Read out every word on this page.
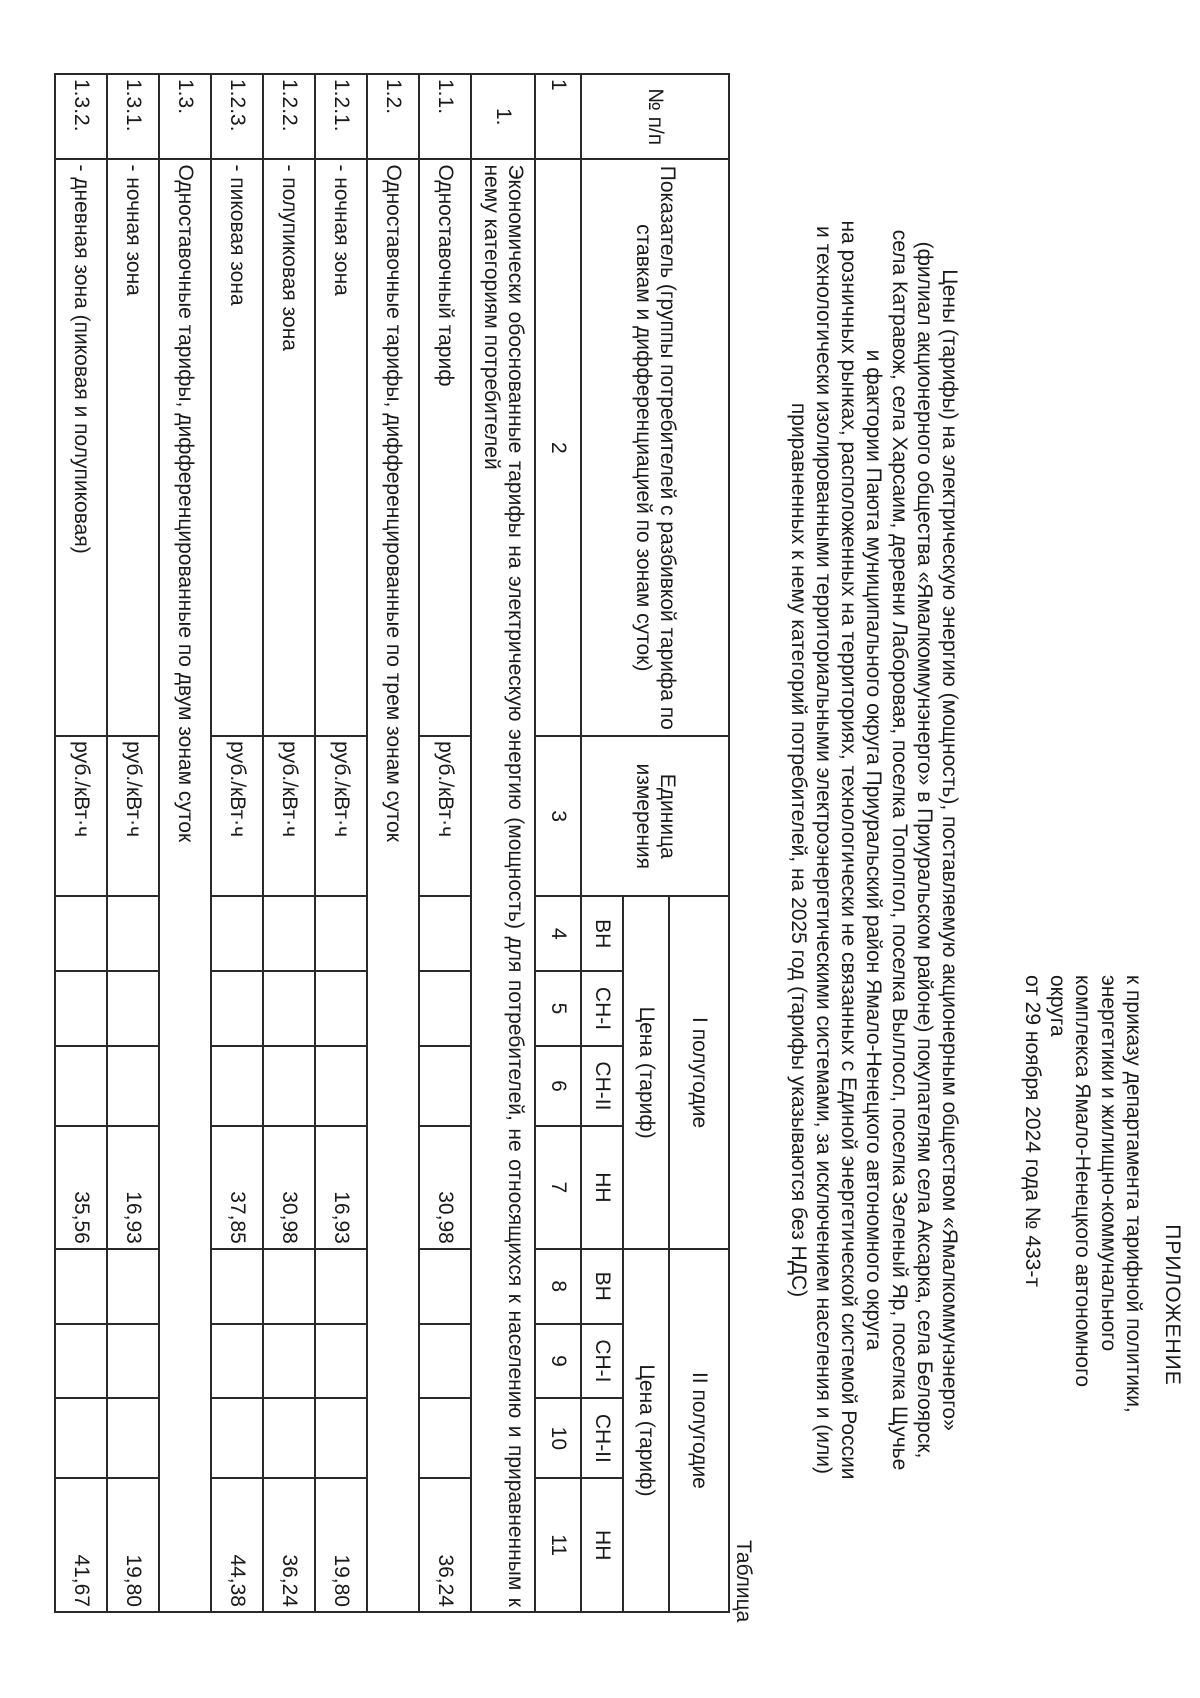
ПРИЛОЖЕНИЕ
к приказу департамента тарифной политики,
энергетики и жилищно-коммунального
комплекса Ямало-Ненецкого автономного
округа
от 29 ноября 2024 года № 433-т
Цены (тарифы) на электрическую энергию (мощность), поставляемую акционерным обществом «Ямалкоммунэнерго»
(филиал акционерного общества «Ямалкоммунэнерго» в Приуральском районе) покупателям села Аксарка, села Белоярск,
села Катравож, села Харсаим, деревни Лаборовая, поселка Тополгол, поселка Выллосл, поселка Зеленый Яр, поселка Щучье
и фактории Паюта муниципального округа Приуральский район Ямало-Ненецкого автономного округа
на розничных рынках, расположенных на территориях, технологически не связанных с Единой энергетической системой России
и технологически изолированными территориальными электроэнергетическими системами, за исключением населения и (или)
приравненных к нему категорий потребителей, на 2025 год (тарифы указываются без НДС)
Таблица
№ п/п	Показатель (группы потребителей с разбивкой тарифа по ставкам и дифференциацией по зонам суток)	Единица измерения	I полугодие				II полугодие			
			Цена (тариф)				Цена (тариф)			
			ВН	СН-I	СН-II	НН	ВН	СН-I	СН-II	НН
1	2	3	4	5	6	7	8	9	10	11
1.	Экономически обоснованные тарифы на электрическую энергию (мощность) для потребителей, не относящихся к населению и приравненным к нему категориям потребителей									
1.1.	Одноставочный тариф	руб./кВт·ч				30,98				36,24
1.2.	Одноставочные тарифы, дифференцированные по трем зонам суток									
1.2.1.	- ночная зона	руб./кВт·ч				16,93				19,80
1.2.2.	- полупиковая зона	руб./кВт·ч				30,98				36,24
1.2.3.	- пиковая зона	руб./кВт·ч				37,85				44,38
1.3.	Одноставочные тарифы, дифференцированные по двум зонам суток									
1.3.1.	- ночная зона	руб./кВт·ч				16,93				19,80
1.3.2.	- дневная зона (пиковая и полупиковая)	руб./кВт·ч				35,56				41,67
